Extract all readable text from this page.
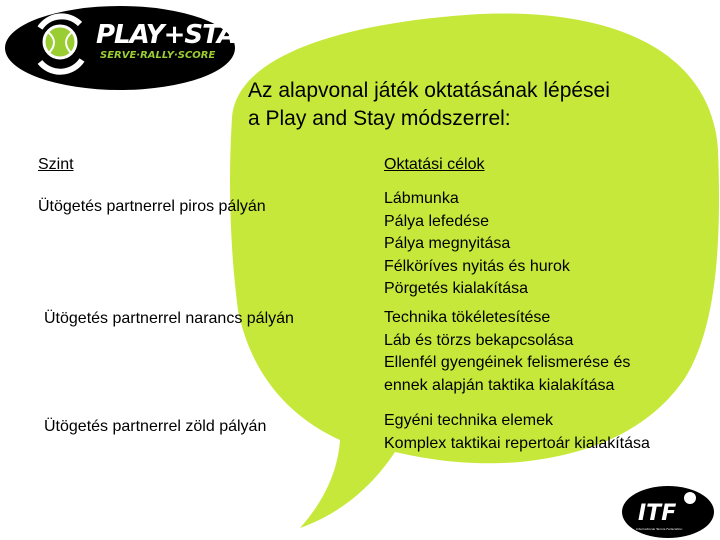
PLAY+STAY
SERVE·RALLY·SCORE
Az alapvonal játék oktatásának lépései
a Play and Stay módszerrel:
Szint	Oktatási célok
Ütögetés partnerrel piros pályán	Lábmunka
Pálya lefedése
Pálya megnyitása
Félköríves nyitás és hurok
Pörgetés kialakítása
Ütögetés partnerrel narancs pályán	Technika tökéletesítése
Láb és törzs bekapcsolása
Ellenfél gyengéinek felismerése és
ennek alapján taktika kialakítása
Ütögetés partnerrel zöld pályán	Egyéni technika elemek
Komplex taktikai repertoár kialakítása
ITF
International Tennis Federation
